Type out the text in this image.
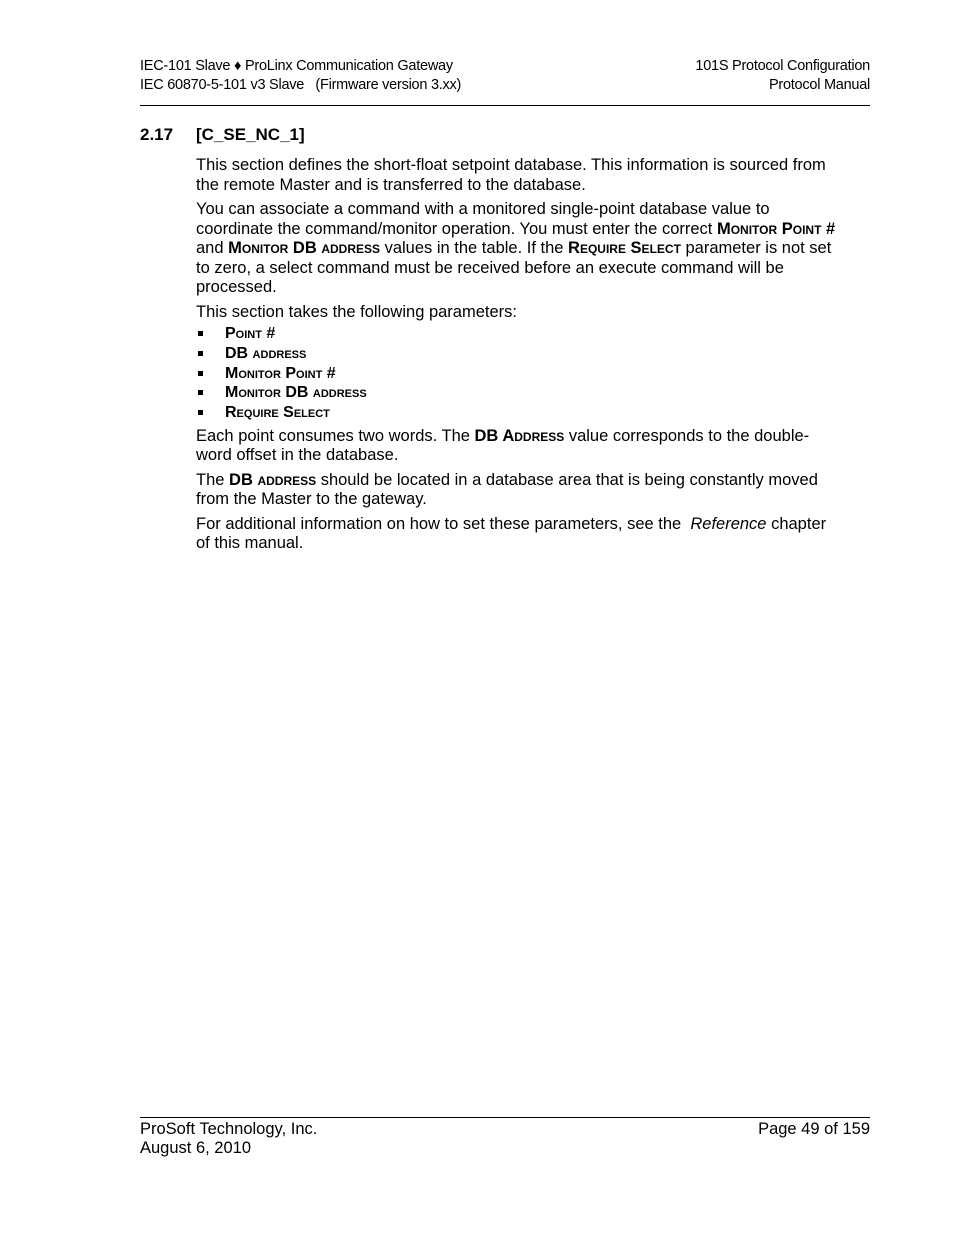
IEC-101 Slave ♦ ProLinx Communication Gateway
IEC 60870-5-101 v3 Slave   (Firmware version 3.xx)
101S Protocol Configuration
Protocol Manual
2.17 [C_SE_NC_1]

This section defines the short-float setpoint database. This information is sourced from the remote Master and is transferred to the database.

You can associate a command with a monitored single-point database value to coordinate the command/monitor operation. You must enter the correct Monitor Point # and Monitor DB address values in the table. If the Require Select parameter is not set to zero, a select command must be received before an execute command will be processed.

This section takes the following parameters:

Point #
DB address
Monitor Point #
Monitor DB address
Require Select

Each point consumes two words. The DB Address value corresponds to the double-word offset in the database.

The DB address should be located in a database area that is being constantly moved from the Master to the gateway.

For additional information on how to set these parameters, see the  Reference chapter of this manual.

ProSoft Technology, Inc.
August 6, 2010
Page 49 of 159
